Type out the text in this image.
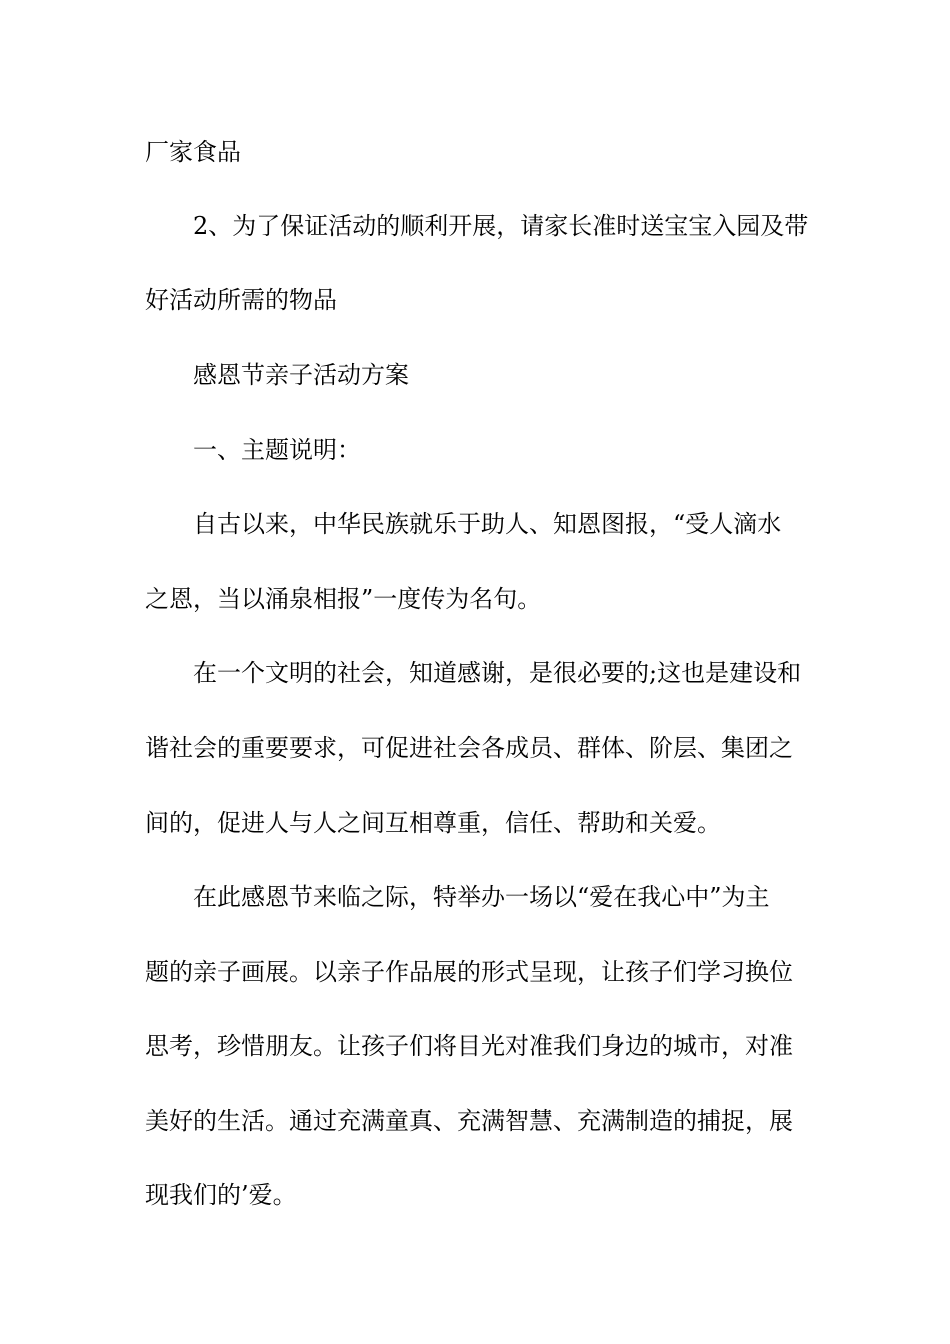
厂家食品
2、为了保证活动的顺利开展，请家长准时送宝宝入园及带
好活动所需的物品
感恩节亲子活动方案
一、主题说明：
自古以来，中华民族就乐于助人、知恩图报，“受人滴水
之恩，当以涌泉相报”一度传为名句。
在一个文明的社会，知道感谢，是很必要的;这也是建设和
谐社会的重要要求，可促进社会各成员、群体、阶层、集团之
间的，促进人与人之间互相尊重，信任、帮助和关爱。
在此感恩节来临之际，特举办一场以“爱在我心中”为主
题的亲子画展。以亲子作品展的形式呈现，让孩子们学习换位
思考，珍惜朋友。让孩子们将目光对准我们身边的城市，对准
美好的生活。通过充满童真、充满智慧、充满制造的捕捉，展
现我们的’爱。
